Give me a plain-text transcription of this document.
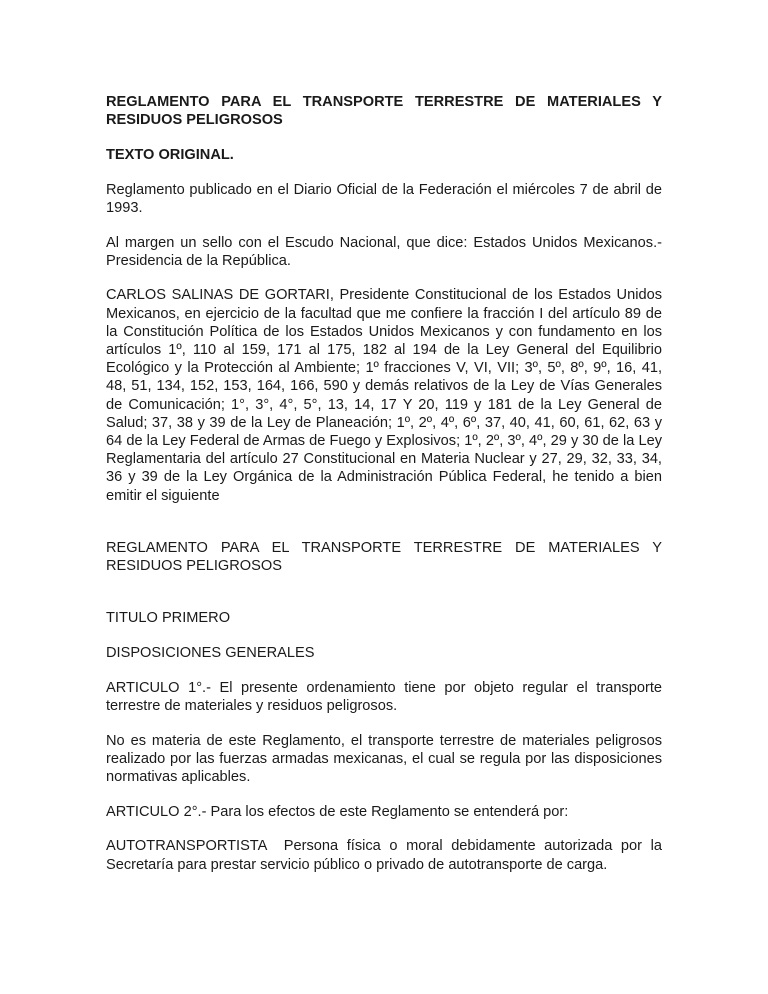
REGLAMENTO PARA EL TRANSPORTE TERRESTRE DE MATERIALES Y
RESIDUOS PELIGROSOS

TEXTO ORIGINAL.

Reglamento publicado en el Diario Oficial de la Federación el miércoles 7 de abril de 1993.

Al margen un sello con el Escudo Nacional, que dice: Estados Unidos Mexicanos.- Presidencia de la República.

CARLOS SALINAS DE GORTARI, Presidente Constitucional de los Estados Unidos Mexicanos, en ejercicio de la facultad que me confiere la fracción I del artículo 89 de la Constitución Política de los Estados Unidos Mexicanos y con fundamento en los artículos 1º, 110 al 159, 171 al 175, 182 al 194 de la Ley General del Equilibrio Ecológico y la Protección al Ambiente; 1º fracciones V, VI, VII; 3º, 5º, 8º, 9º, 16, 41, 48, 51, 134, 152, 153, 164, 166, 590 y demás relativos de la Ley de Vías Generales de Comunicación; 1°, 3°, 4°, 5°, 13, 14, 17 Y 20, 119 y 181 de la Ley General de Salud; 37, 38 y 39 de la Ley de Planeación; 1º, 2º, 4º, 6º, 37, 40, 41, 60, 61, 62, 63 y 64 de la Ley Federal de Armas de Fuego y Explosivos; 1º, 2º, 3º, 4º, 29 y 30 de la Ley Reglamentaria del artículo 27 Constitucional en Materia Nuclear y 27, 29, 32, 33, 34, 36 y 39 de la Ley Orgánica de la Administración Pública Federal, he tenido a bien emitir el siguiente

REGLAMENTO PARA EL TRANSPORTE TERRESTRE DE MATERIALES Y
RESIDUOS PELIGROSOS

TITULO PRIMERO

DISPOSICIONES GENERALES

ARTICULO 1°.- El presente ordenamiento tiene por objeto regular el transporte terrestre de materiales y residuos peligrosos.

No es materia de este Reglamento, el transporte terrestre de materiales peligrosos realizado por las fuerzas armadas mexicanas, el cual se regula por las disposiciones normativas aplicables.

ARTICULO 2°.- Para los efectos de este Reglamento se entenderá por:

AUTOTRANSPORTISTA  Persona física o moral debidamente autorizada por la Secretaría para prestar servicio público o privado de autotransporte de carga.
